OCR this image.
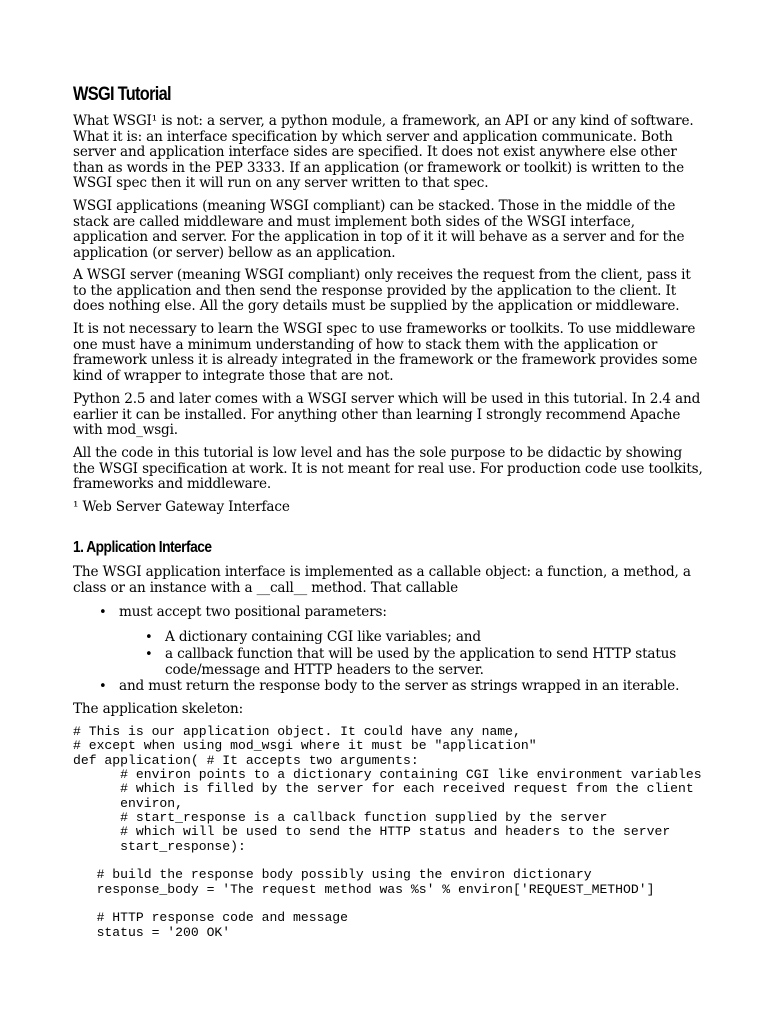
WSGI Tutorial

What WSGI¹ is not: a server, a python module, a framework, an API or any kind of software. What it is: an interface specification by which server and application communicate. Both server and application interface sides are specified. It does not exist anywhere else other than as words in the PEP 3333. If an application (or framework or toolkit) is written to the WSGI spec then it will run on any server written to that spec.

WSGI applications (meaning WSGI compliant) can be stacked. Those in the middle of the stack are called middleware and must implement both sides of the WSGI interface, application and server. For the application in top of it it will behave as a server and for the application (or server) bellow as an application.

A WSGI server (meaning WSGI compliant) only receives the request from the client, pass it to the application and then send the response provided by the application to the client. It does nothing else. All the gory details must be supplied by the application or middleware.

It is not necessary to learn the WSGI spec to use frameworks or toolkits. To use middleware one must have a minimum understanding of how to stack them with the application or framework unless it is already integrated in the framework or the framework provides some kind of wrapper to integrate those that are not.

Python 2.5 and later comes with a WSGI server which will be used in this tutorial. In 2.4 and earlier it can be installed. For anything other than learning I strongly recommend Apache with mod_wsgi.

All the code in this tutorial is low level and has the sole purpose to be didactic by showing the WSGI specification at work. It is not meant for real use. For production code use toolkits, frameworks and middleware.

¹ Web Server Gateway Interface

1. Application Interface

The WSGI application interface is implemented as a callable object: a function, a method, a class or an instance with a __call__ method. That callable

• must accept two positional parameters:

• A dictionary containing CGI like variables; and

• a callback function that will be used by the application to send HTTP status code/message and HTTP headers to the server.

• and must return the response body to the server as strings wrapped in an iterable.

The application skeleton:

# This is our application object. It could have any name,
# except when using mod_wsgi where it must be "application"
def application( # It accepts two arguments:
# environ points to a dictionary containing CGI like environment variables
# which is filled by the server for each received request from the client
environ,
# start_response is a callback function supplied by the server
# which will be used to send the HTTP status and headers to the server
start_response):

# build the response body possibly using the environ dictionary
response_body = 'The request method was %s' % environ['REQUEST_METHOD']

# HTTP response code and message
status = '200 OK'
